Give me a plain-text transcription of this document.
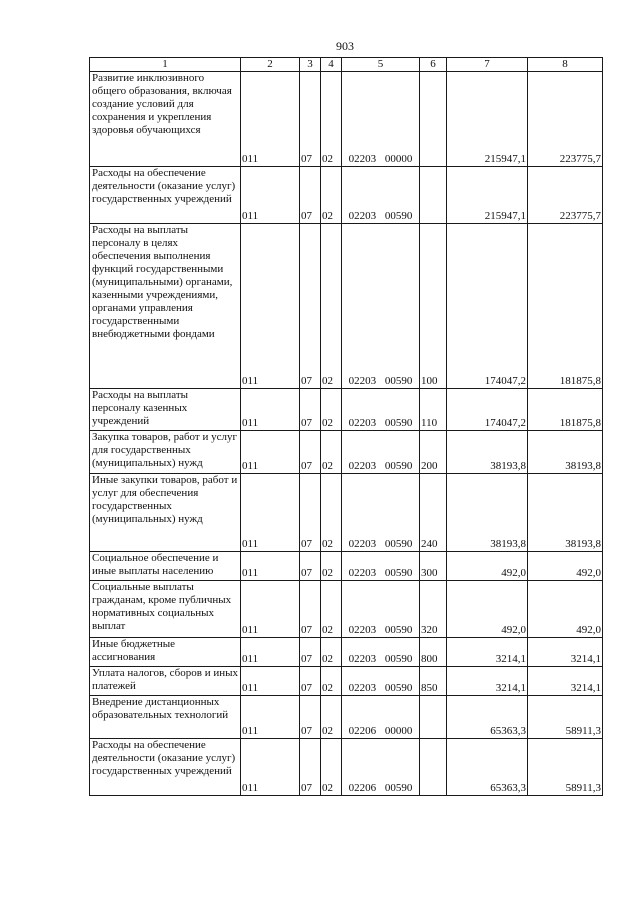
903
1	2	3	4	5	6	7	8
Развитие инклюзивного общего образования, включая создание условий для сохранения и укрепления здоровья обучающихся	011	07	02	02203 00000		215947,1	223775,7
Расходы на обеспечение деятельности (оказание услуг) государственных учреждений	011	07	02	02203 00590		215947,1	223775,7
Расходы на выплаты персоналу в целях обеспечения выполнения функций государственными (муниципальными) органами, казенными учреждениями, органами управления государственными внебюджетными фондами	011	07	02	02203 00590	100	174047,2	181875,8
Расходы на выплаты персоналу казенных учреждений	011	07	02	02203 00590	110	174047,2	181875,8
Закупка товаров, работ и услуг для государственных (муниципальных) нужд	011	07	02	02203 00590	200	38193,8	38193,8
Иные закупки товаров, работ и услуг для обеспечения государственных (муниципальных) нужд	011	07	02	02203 00590	240	38193,8	38193,8
Социальное обеспечение и иные выплаты населению	011	07	02	02203 00590	300	492,0	492,0
Социальные выплаты гражданам, кроме публичных нормативных социальных выплат	011	07	02	02203 00590	320	492,0	492,0
Иные бюджетные ассигнования	011	07	02	02203 00590	800	3214,1	3214,1
Уплата налогов, сборов и иных платежей	011	07	02	02203 00590	850	3214,1	3214,1
Внедрение дистанционных образовательных технологий	011	07	02	02206 00000		65363,3	58911,3
Расходы на обеспечение деятельности (оказание услуг) государственных учреждений	011	07	02	02206 00590		65363,3	58911,3
